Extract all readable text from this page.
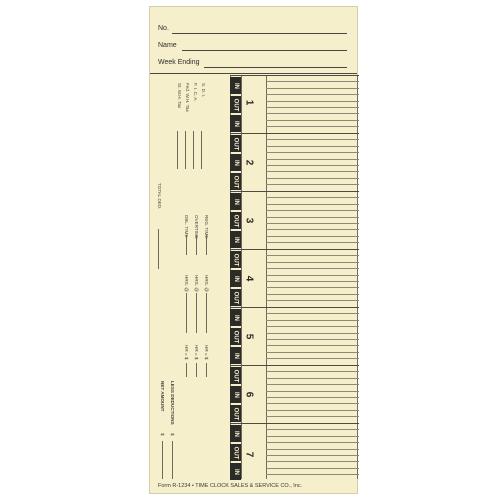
No.
Name
Week Ending
S. D. I.
F. I. C. A.
Fed. W.H. Tax
St. W.H. Tax
TOTAL DED.
REG. TIME
OVERTIME
DBL. TIME
HRS. @
HRS. @
HRS. @
HR = $
HR = $
HR = $
LESS DEDUCTIONS
NET AMOUNT
$
$
IN
OUT
IN
1
OUT
IN
OUT
2
IN
OUT
IN
3
OUT
IN
OUT
4
IN
OUT
IN
5
OUT
IN
OUT
6
IN
OUT
IN
7
Form R-1234 • TIME CLOCK SALES & SERVICE CO., Inc.
